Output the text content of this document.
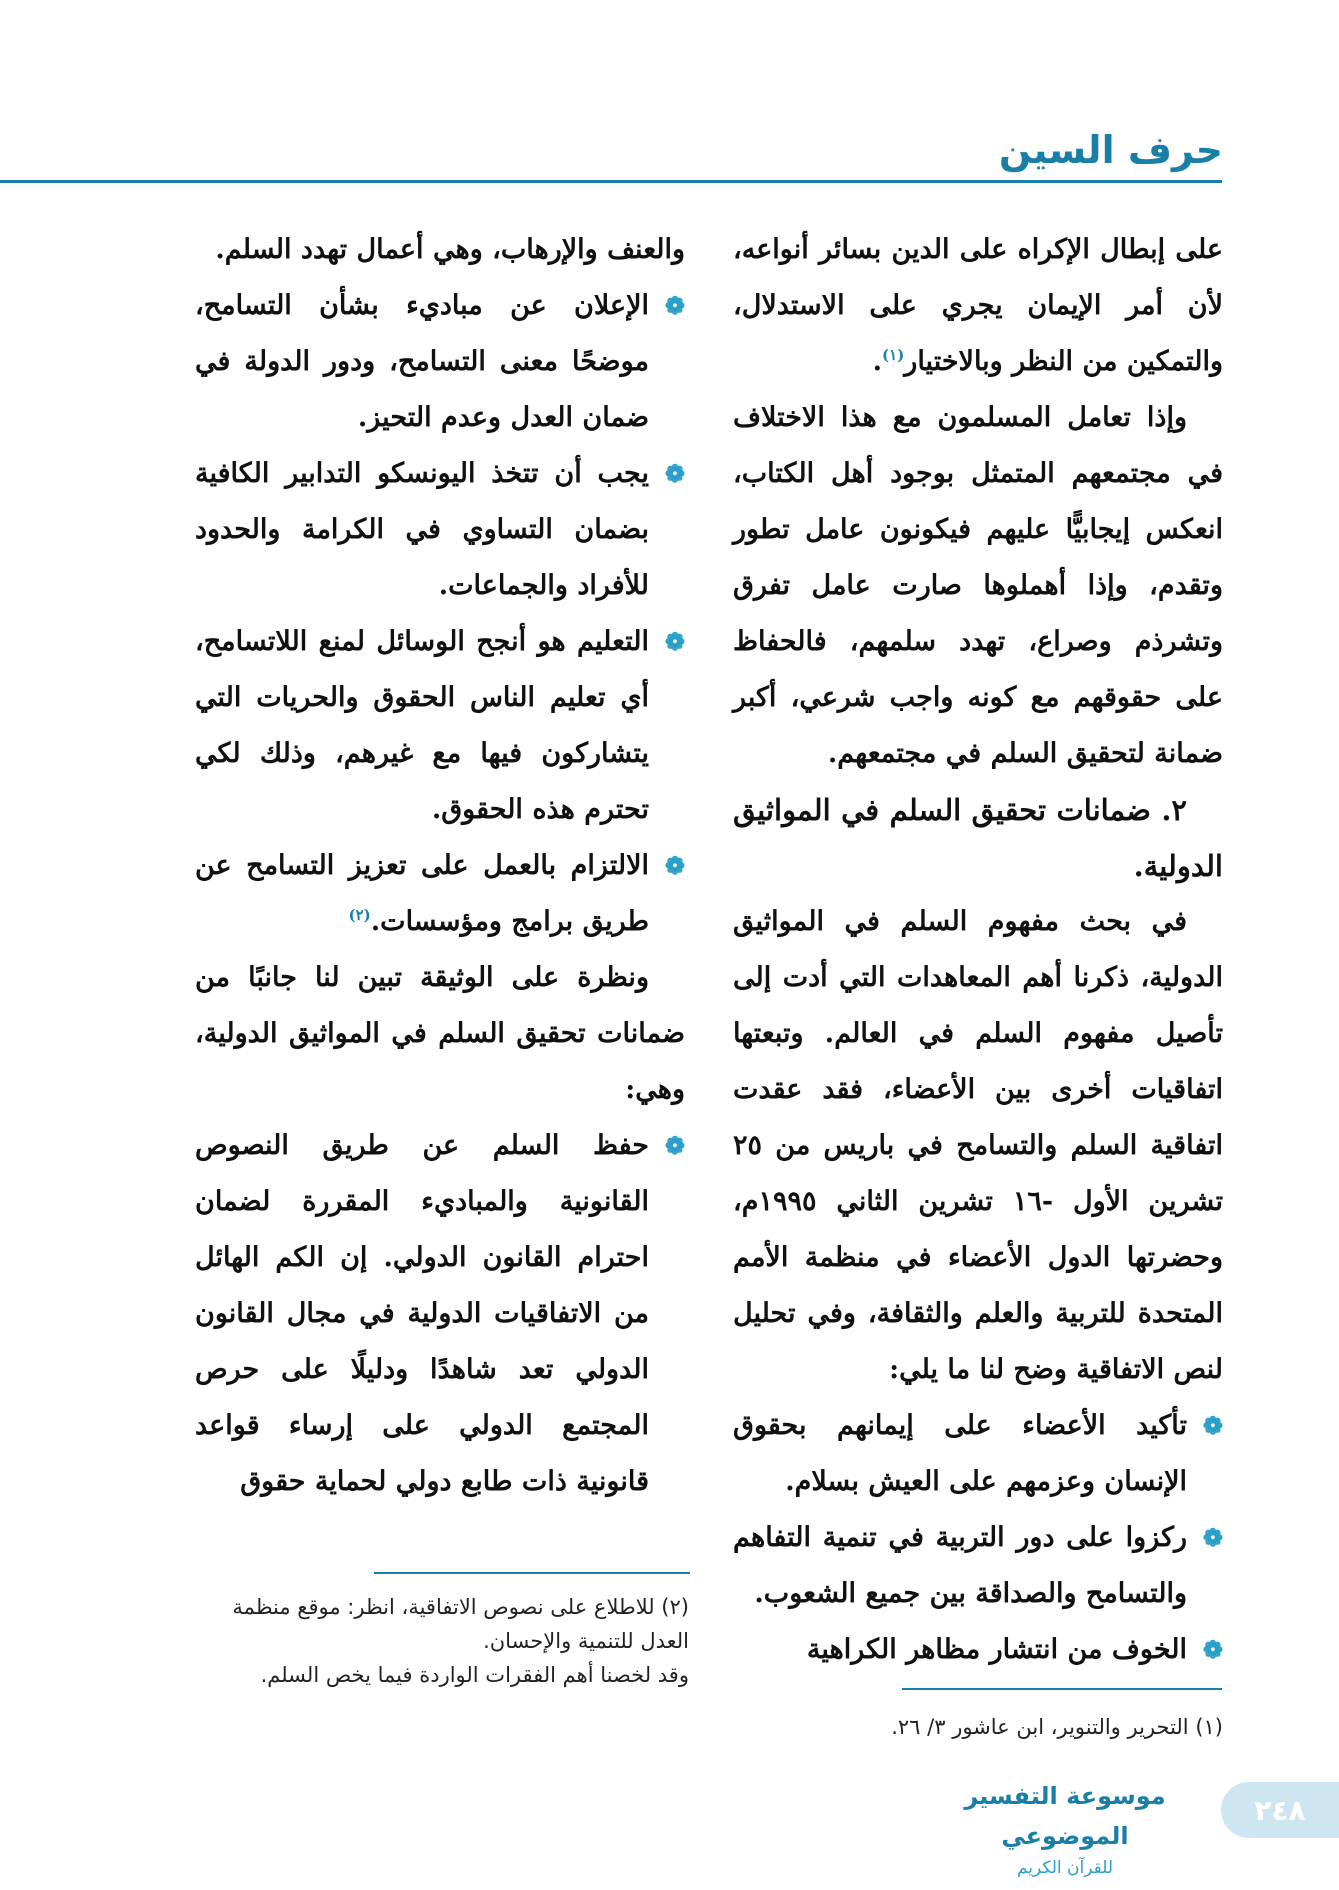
حرف السين

على إبطال الإكراه على الدين بسائر أنواعه، لأن أمر الإيمان يجري على الاستدلال، والتمكين من النظر وبالاختيار$^{(١)}$.

وإذا تعامل المسلمون مع هذا الاختلاف في مجتمعهم المتمثل بوجود أهل الكتاب، انعكس إيجابيًّا عليهم فيكونون عامل تطور وتقدم، وإذا أهملوها صارت عامل تفرق وتشرذم وصراع، تهدد سلمهم، فالحفاظ على حقوقهم مع كونه واجب شرعي، أكبر ضمانة لتحقيق السلم في مجتمعهم.

٢. ضمانات تحقيق السلم في المواثيق الدولية.

في بحث مفهوم السلم في المواثيق الدولية، ذكرنا أهم المعاهدات التي أدت إلى تأصيل مفهوم السلم في العالم. وتبعتها اتفاقيات أخرى بين الأعضاء، فقد عقدت اتفاقية السلم والتسامح في باريس من ٢٥ تشرين الأول -١٦ تشرين الثاني ١٩٩٥م، وحضرتها الدول الأعضاء في منظمة الأمم المتحدة للتربية والعلم والثقافة، وفي تحليل لنص الاتفاقية وضح لنا ما يلي:

❁
تأكيد الأعضاء على إيمانهم بحقوق الإنسان وعزمهم على العيش بسلام.

❁
ركزوا على دور التربية في تنمية التفاهم والتسامح والصداقة بين جميع الشعوب.

❁
الخوف من انتشار مظاهر الكراهية

والعنف والإرهاب، وهي أعمال تهدد السلم.

❁
الإعلان عن مباديء بشأن التسامح، موضحًا معنى التسامح، ودور الدولة في ضمان العدل وعدم التحيز.

❁
يجب أن تتخذ اليونسكو التدابير الكافية بضمان التساوي في الكرامة والحدود للأفراد والجماعات.

❁
التعليم هو أنجح الوسائل لمنع اللاتسامح، أي تعليم الناس الحقوق والحريات التي يتشاركون فيها مع غيرهم، وذلك لكي تحترم هذه الحقوق.

❁
الالتزام بالعمل على تعزيز التسامح عن طريق برامج ومؤسسات.$^{(٢)}$

ونظرة على الوثيقة تبين لنا جانبًا من ضمانات تحقيق السلم في المواثيق الدولية، وهي:

❁
حفظ السلم عن طريق النصوص القانونية والمباديء المقررة لضمان احترام القانون الدولي. إن الكم الهائل من الاتفاقيات الدولية في مجال القانون الدولي تعد شاهدًا ودليلًا على حرص المجتمع الدولي على إرساء قواعد قانونية ذات طابع دولي لحماية حقوق

(٢) للاطلاع على نصوص الاتفاقية، انظر: موقع منظمة العدل للتنمية والإحسان.

وقد لخصنا أهم الفقرات الواردة فيما يخص السلم.

(١) التحرير والتنوير، ابن عاشور ٣/ ٢٦.

٢٤٨
موسوعة التفسير الموضوعي
للقرآن الكريم
